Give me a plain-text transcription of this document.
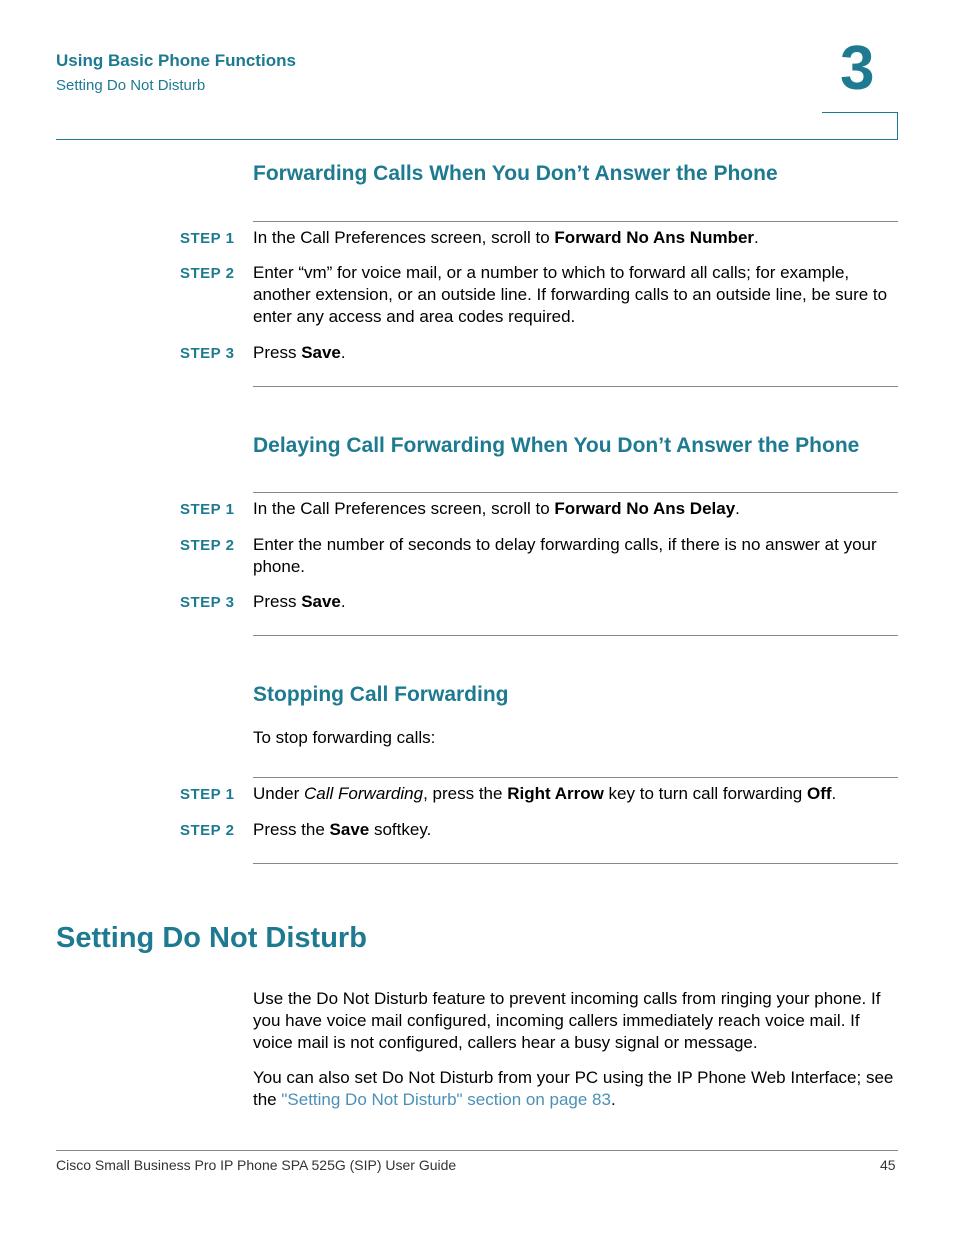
Using Basic Phone Functions
Setting Do Not Disturb	3
Forwarding Calls When You Don’t Answer the Phone
STEP 1 In the Call Preferences screen, scroll to Forward No Ans Number.
STEP 2 Enter “vm” for voice mail, or a number to which to forward all calls; for example, another extension, or an outside line. If forwarding calls to an outside line, be sure to enter any access and area codes required.
STEP 3 Press Save.
Delaying Call Forwarding When You Don’t Answer the Phone
STEP 1 In the Call Preferences screen, scroll to Forward No Ans Delay.
STEP 2 Enter the number of seconds to delay forwarding calls, if there is no answer at your phone.
STEP 3 Press Save.
Stopping Call Forwarding
To stop forwarding calls:
STEP 1 Under Call Forwarding, press the Right Arrow key to turn call forwarding Off.
STEP 2 Press the Save softkey.
Setting Do Not Disturb
Use the Do Not Disturb feature to prevent incoming calls from ringing your phone. If you have voice mail configured, incoming callers immediately reach voice mail. If voice mail is not configured, callers hear a busy signal or message.
You can also set Do Not Disturb from your PC using the IP Phone Web Interface; see the "Setting Do Not Disturb" section on page 83.
Cisco Small Business Pro IP Phone SPA 525G (SIP) User Guide	45
